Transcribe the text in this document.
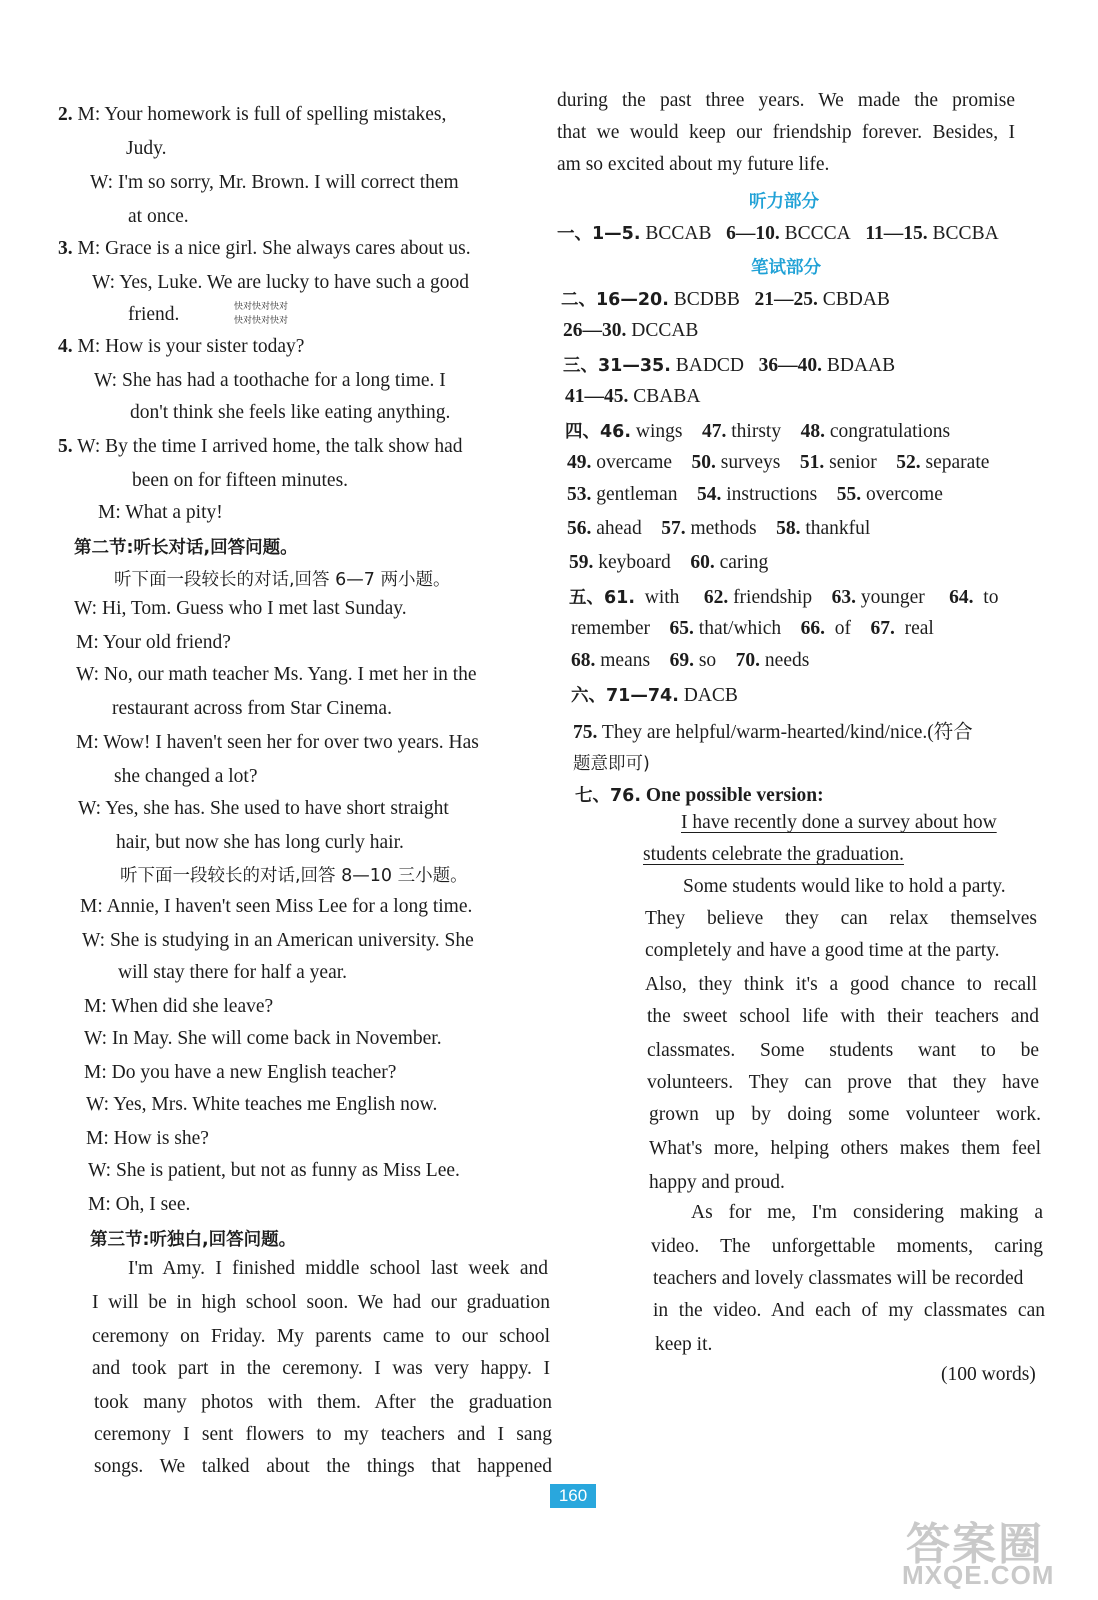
2. M: Your homework is full of spelling mistakes,
Judy.
W: I'm so sorry, Mr. Brown. I will correct them
at once.
3. M: Grace is a nice girl. She always cares about us.
W: Yes, Luke. We are lucky to have such a good
friend.	快对快对快对
快对快对快对
4. M: How is your sister today?
W: She has had a toothache for a long time. I
don't think she feels like eating anything.
5. W: By the time I arrived home, the talk show had
been on for fifteen minutes.
M: What a pity!
第二节:听长对话,回答问题。
听下面一段较长的对话,回答 6—7 两小题。
W: Hi, Tom. Guess who I met last Sunday.
M: Your old friend?
W: No, our math teacher Ms. Yang. I met her in the
restaurant across from Star Cinema.
M: Wow! I haven't seen her for over two years. Has
she changed a lot?
W: Yes, she has. She used to have short straight
hair, but now she has long curly hair.
听下面一段较长的对话,回答 8—10 三小题。
M: Annie, I haven't seen Miss Lee for a long time.
W: She is studying in an American university. She
will stay there for half a year.
M: When did she leave?
W: In May. She will come back in November.
M: Do you have a new English teacher?
W: Yes, Mrs. White teaches me English now.
M: How is she?
W: She is patient, but not as funny as Miss Lee.
M: Oh, I see.
第三节:听独白,回答问题。
I'm Amy. I finished middle school last week and
I will be in high school soon. We had our graduation
ceremony on Friday. My parents came to our school
and took part in the ceremony. I was very happy. I
took many photos with them. After the graduation
ceremony I sent flowers to my teachers and I sang
songs. We talked about the things that happened
during the past three years. We made the promise
that we would keep our friendship forever. Besides, I
am so excited about my future life.
听力部分
一、1—5. BCCAB 6—10. BCCCA 11—15. BCCBA
笔试部分
二、16—20. BCDBB 21—25. CBDAB
26—30. DCCAB
三、31—35. BADCD 36—40. BDAAB
41—45. CBABA
四、46. wings 47. thirsty 48. congratulations
49. overcame 50. surveys 51. senior 52. separate
53. gentleman 54. instructions 55. overcome
56. ahead 57. methods 58. thankful
59. keyboard 60. caring
五、61. with 62. friendship 63. younger 64. to
remember 65. that/which 66. of 67. real
68. means 69. so 70. needs
六、71—74. DACB
75. They are helpful/warm-hearted/kind/nice.(符合
题意即可)
七、76. One possible version:
I have recently done a survey about how
students celebrate the graduation.
Some students would like to hold a party.
They believe they can relax themselves
completely and have a good time at the party.
Also, they think it's a good chance to recall
the sweet school life with their teachers and
classmates. Some students want to be
volunteers. They can prove that they have
grown up by doing some volunteer work.
What's more, helping others makes them feel
happy and proud.
As for me, I'm considering making a
video. The unforgettable moments, caring
teachers and lovely classmates will be recorded
in the video. And each of my classmates can
keep it.
(100 words)
160
答案圈
MXQE.COM
